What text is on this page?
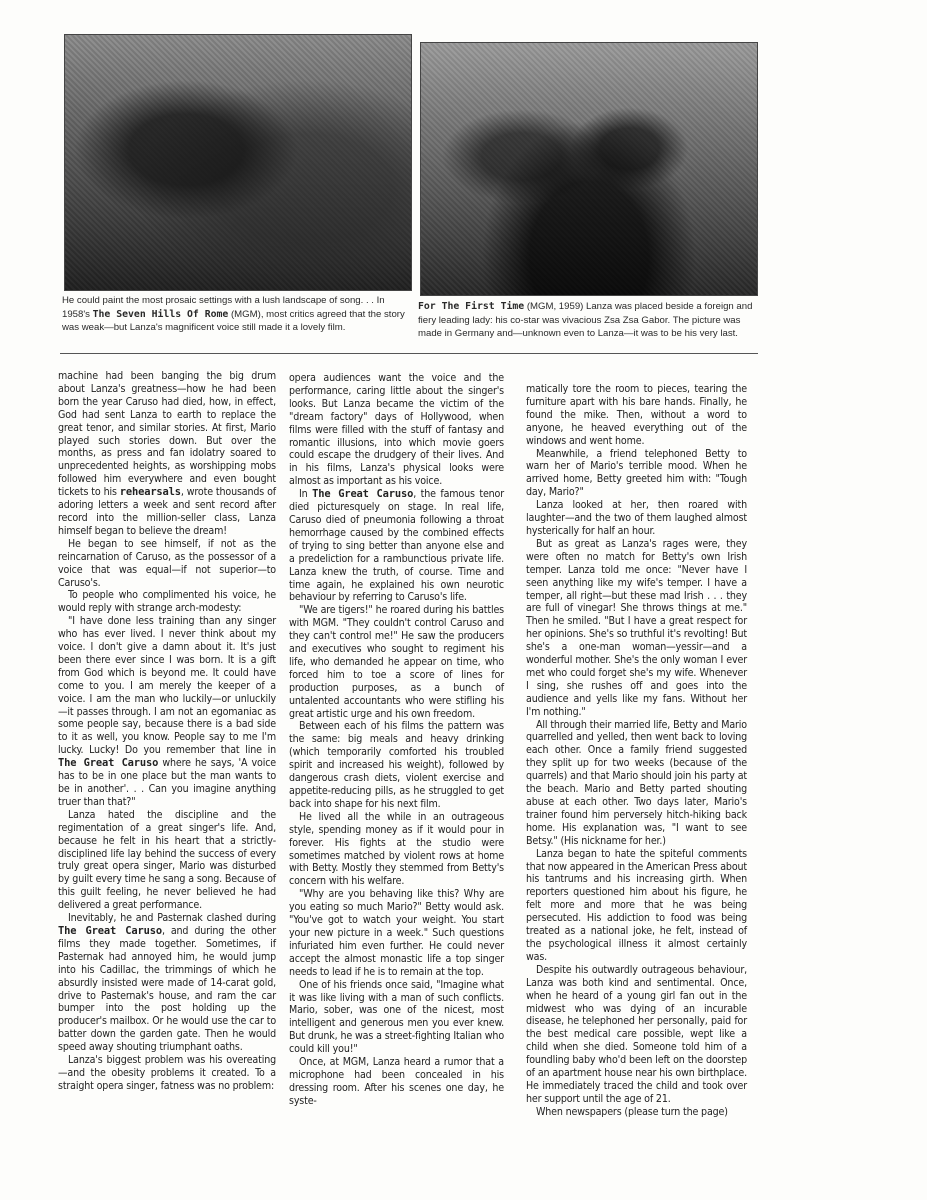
He could paint the most prosaic settings with a lush landscape of song. . . In 1958's The Seven Hills Of Rome (MGM), most critics agreed that the story was weak—but Lanza's magnificent voice still made it a lovely film.
For The First Time (MGM, 1959) Lanza was placed beside a foreign and fiery leading lady: his co-star was vivacious Zsa Zsa Gabor. The picture was made in Germany and—unknown even to Lanza—it was to be his very last.

machine had been banging the big drum about Lanza's greatness—how he had been born the year Caruso had died, how, in effect, God had sent Lanza to earth to replace the great tenor, and similar stories. At first, Mario played such stories down. But over the months, as press and fan idolatry soared to unprecedented heights, as worshipping mobs followed him everywhere and even bought tickets to his rehearsals, wrote thousands of adoring letters a week and sent record after record into the million-seller class, Lanza himself began to believe the dream!

He began to see himself, if not as the reincarnation of Caruso, as the possessor of a voice that was equal—if not superior—to Caruso's.

To people who complimented his voice, he would reply with strange arch-modesty:

"I have done less training than any singer who has ever lived. I never think about my voice. I don't give a damn about it. It's just been there ever since I was born. It is a gift from God which is beyond me. It could have come to you. I am merely the keeper of a voice. I am the man who luckily—or unluckily—it passes through. I am not an egomaniac as some people say, because there is a bad side to it as well, you know. People say to me I'm lucky. Lucky! Do you remember that line in The Great Caruso where he says, 'A voice has to be in one place but the man wants to be in another'. . . Can you imagine anything truer than that?"

Lanza hated the discipline and the regimentation of a great singer's life. And, because he felt in his heart that a strictly-disciplined life lay behind the success of every truly great opera singer, Mario was disturbed by guilt every time he sang a song. Because of this guilt feeling, he never believed he had delivered a great performance.

Inevitably, he and Pasternak clashed during The Great Caruso, and during the other films they made together. Sometimes, if Pasternak had annoyed him, he would jump into his Cadillac, the trimmings of which he absurdly insisted were made of 14-carat gold, drive to Pasternak's house, and ram the car bumper into the post holding up the producer's mailbox. Or he would use the car to batter down the garden gate. Then he would speed away shouting triumphant oaths.

Lanza's biggest problem was his overeating—and the obesity problems it created. To a straight opera singer, fatness was no problem:

opera audiences want the voice and the performance, caring little about the singer's looks. But Lanza became the victim of the "dream factory" days of Hollywood, when films were filled with the stuff of fantasy and romantic illusions, into which movie goers could escape the drudgery of their lives. And in his films, Lanza's physical looks were almost as important as his voice.

In The Great Caruso, the famous tenor died picturesquely on stage. In real life, Caruso died of pneumonia following a throat hemorrhage caused by the combined effects of trying to sing better than anyone else and a predeliction for a rambunctious private life. Lanza knew the truth, of course. Time and time again, he explained his own neurotic behaviour by referring to Caruso's life.

"We are tigers!" he roared during his battles with MGM. "They couldn't control Caruso and they can't control me!" He saw the producers and executives who sought to regiment his life, who demanded he appear on time, who forced him to toe a score of lines for production purposes, as a bunch of untalented accountants who were stifling his great artistic urge and his own freedom.

Between each of his films the pattern was the same: big meals and heavy drinking (which temporarily comforted his troubled spirit and increased his weight), followed by dangerous crash diets, violent exercise and appetite-reducing pills, as he struggled to get back into shape for his next film.

He lived all the while in an outrageous style, spending money as if it would pour in forever. His fights at the studio were sometimes matched by violent rows at home with Betty. Mostly they stemmed from Betty's concern with his welfare.

"Why are you behaving like this? Why are you eating so much Mario?" Betty would ask. "You've got to watch your weight. You start your new picture in a week." Such questions infuriated him even further. He could never accept the almost monastic life a top singer needs to lead if he is to remain at the top.

One of his friends once said, "Imagine what it was like living with a man of such conflicts. Mario, sober, was one of the nicest, most intelligent and generous men you ever knew. But drunk, he was a street-fighting Italian who could kill you!"

Once, at MGM, Lanza heard a rumor that a microphone had been concealed in his dressing room. After his scenes one day, he syste-

matically tore the room to pieces, tearing the furniture apart with his bare hands. Finally, he found the mike. Then, without a word to anyone, he heaved everything out of the windows and went home.

Meanwhile, a friend telephoned Betty to warn her of Mario's terrible mood. When he arrived home, Betty greeted him with: "Tough day, Mario?"

Lanza looked at her, then roared with laughter—and the two of them laughed almost hysterically for half an hour.

But as great as Lanza's rages were, they were often no match for Betty's own Irish temper. Lanza told me once: "Never have I seen anything like my wife's temper. I have a temper, all right—but these mad Irish . . . they are full of vinegar! She throws things at me." Then he smiled. "But I have a great respect for her opinions. She's so truthful it's revolting! But she's a one-man woman—yessir—and a wonderful mother. She's the only woman I ever met who could forget she's my wife. Whenever I sing, she rushes off and goes into the audience and yells like my fans. Without her I'm nothing."

All through their married life, Betty and Mario quarrelled and yelled, then went back to loving each other. Once a family friend suggested they split up for two weeks (because of the quarrels) and that Mario should join his party at the beach. Mario and Betty parted shouting abuse at each other. Two days later, Mario's trainer found him perversely hitch-hiking back home. His explanation was, "I want to see Betsy." (His nickname for her.)

Lanza began to hate the spiteful comments that now appeared in the American Press about his tantrums and his increasing girth. When reporters questioned him about his figure, he felt more and more that he was being persecuted. His addiction to food was being treated as a national joke, he felt, instead of the psychological illness it almost certainly was.

Despite his outwardly outrageous behaviour, Lanza was both kind and sentimental. Once, when he heard of a young girl fan out in the midwest who was dying of an incurable disease, he telephoned her personally, paid for the best medical care possible, wept like a child when she died. Someone told him of a foundling baby who'd been left on the doorstep of an apartment house near his own birthplace. He immediately traced the child and took over her support until the age of 21.

When newspapers (please turn the page)
